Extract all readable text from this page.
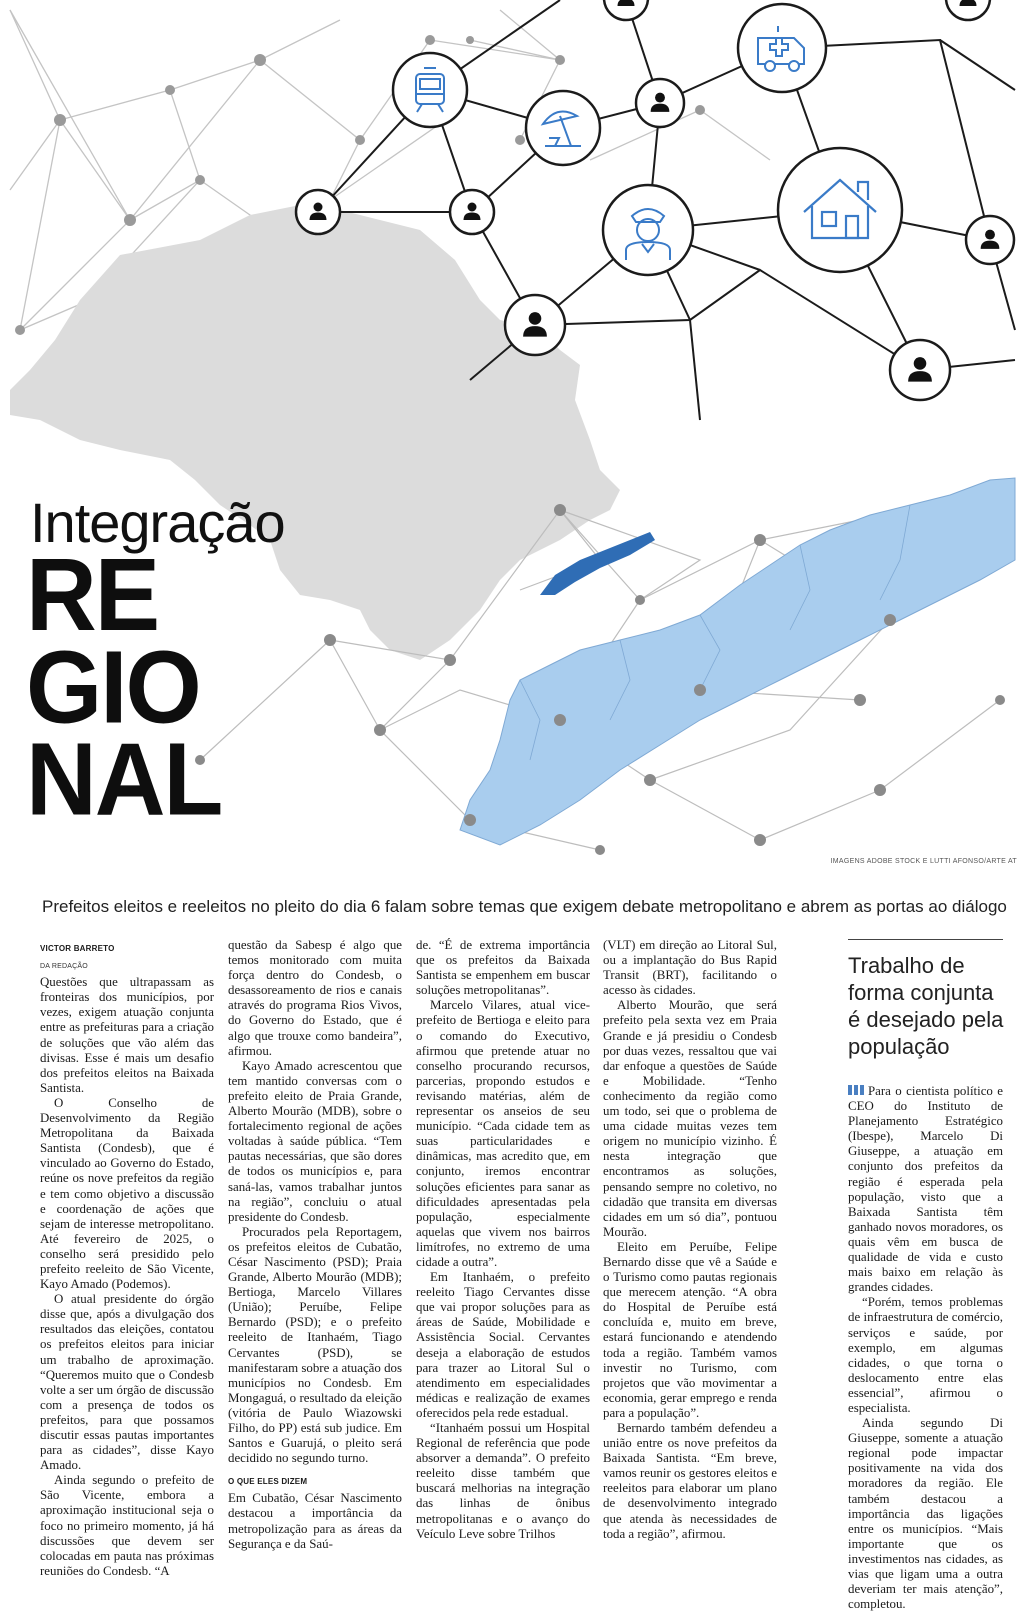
Integração
RE
GIO
NAL
IMAGENS ADOBE STOCK E LUTTI AFONSO/ARTE AT
Prefeitos eleitos e reeleitos no pleito do dia 6 falam sobre temas que exigem debate metropolitano e abrem as portas ao diálogo
VICTOR BARRETO
DA REDAÇÃO

Questões que ultrapassam as fronteiras dos municípios, por vezes, exigem atuação conjunta entre as prefeituras para a criação de soluções que vão além das divisas. Esse é mais um desafio dos prefeitos eleitos na Baixada Santista.

O Conselho de Desenvolvimento da Região Metropolitana da Baixada Santista (Condesb), que é vinculado ao Governo do Estado, reúne os nove prefeitos da região e tem como objetivo a discussão e coordenação de ações que sejam de interesse metropolitano. Até fevereiro de 2025, o conselho será presidido pelo prefeito reeleito de São Vicente, Kayo Amado (Podemos).

O atual presidente do órgão disse que, após a divulgação dos resultados das eleições, contatou os prefeitos eleitos para iniciar um trabalho de aproximação. “Queremos muito que o Condesb volte a ser um órgão de discussão com a presença de todos os prefeitos, para que possamos discutir essas pautas importantes para as cidades”, disse Kayo Amado.

Ainda segundo o prefeito de São Vicente, embora a aproximação institucional seja o foco no primeiro momento, já há discussões que devem ser colocadas em pauta nas próximas reuniões do Condesb. “A

questão da Sabesp é algo que temos monitorado com muita força dentro do Condesb, o desassoreamento de rios e canais através do programa Rios Vivos, do Governo do Estado, que é algo que trouxe como bandeira”, afirmou.

Kayo Amado acrescentou que tem mantido conversas com o prefeito eleito de Praia Grande, Alberto Mourão (MDB), sobre o fortalecimento regional de ações voltadas à saúde pública. “Tem pautas necessárias, que são dores de todos os municípios e, para saná-las, vamos trabalhar juntos na região”, concluiu o atual presidente do Condesb.

Procurados pela Reportagem, os prefeitos eleitos de Cubatão, César Nascimento (PSD); Praia Grande, Alberto Mourão (MDB); Bertioga, Marcelo Villares (União); Peruíbe, Felipe Bernardo (PSD); e o prefeito reeleito de Itanhaém, Tiago Cervantes (PSD), se manifestaram sobre a atuação dos municípios no Condesb. Em Mongaguá, o resultado da eleição (vitória de Paulo Wiazowski Filho, do PP) está sub judice. Em Santos e Guarujá, o pleito será decidido no segundo turno.

O QUE ELES DIZEM

Em Cubatão, César Nascimento destacou a importância da metropolização para as áreas da Segurança e da Saú-

de. “É de extrema importância que os prefeitos da Baixada Santista se empenhem em buscar soluções metropolitanas”.

Marcelo Vilares, atual vice-prefeito de Bertioga e eleito para o comando do Executivo, afirmou que pretende atuar no conselho procurando recursos, parcerias, propondo estudos e revisando matérias, além de representar os anseios de seu município. “Cada cidade tem as suas particularidades e dinâmicas, mas acredito que, em conjunto, iremos encontrar soluções eficientes para sanar as dificuldades apresentadas pela população, especialmente aquelas que vivem nos bairros limítrofes, no extremo de uma cidade a outra”.

Em Itanhaém, o prefeito reeleito Tiago Cervantes disse que vai propor soluções para as áreas de Saúde, Mobilidade e Assistência Social. Cervantes deseja a elaboração de estudos para trazer ao Litoral Sul o atendimento em especialidades médicas e realização de exames oferecidos pela rede estadual.

“Itanhaém possui um Hospital Regional de referência que pode absorver a demanda”. O prefeito reeleito disse também que buscará melhorias na integração das linhas de ônibus metropolitanas e o avanço do Veículo Leve sobre Trilhos

(VLT) em direção ao Litoral Sul, ou a implantação do Bus Rapid Transit (BRT), facilitando o acesso às cidades.

Alberto Mourão, que será prefeito pela sexta vez em Praia Grande e já presidiu o Condesb por duas vezes, ressaltou que vai dar enfoque a questões de Saúde e Mobilidade. “Tenho conhecimento da região como um todo, sei que o problema de uma cidade muitas vezes tem origem no município vizinho. É nesta integração que encontramos as soluções, pensando sempre no coletivo, no cidadão que transita em diversas cidades em um só dia”, pontuou Mourão.

Eleito em Peruíbe, Felipe Bernardo disse que vê a Saúde e o Turismo como pautas regionais que merecem atenção. “A obra do Hospital de Peruíbe está concluída e, muito em breve, estará funcionando e atendendo toda a região. Também vamos investir no Turismo, com projetos que vão movimentar a economia, gerar emprego e renda para a população”.

Bernardo também defendeu a união entre os nove prefeitos da Baixada Santista. “Em breve, vamos reunir os gestores eleitos e reeleitos para elaborar um plano de desenvolvimento integrado que atenda às necessidades de toda a região”, afirmou.

Trabalho de forma conjunta é desejado pela população

Para o cientista político e CEO do Instituto de Planejamento Estratégico (Ibespe), Marcelo Di Giuseppe, a atuação em conjunto dos prefeitos da região é esperada pela população, visto que a Baixada Santista têm ganhado novos moradores, os quais vêm em busca de qualidade de vida e custo mais baixo em relação às grandes cidades.

“Porém, temos problemas de infraestrutura de comércio, serviços e saúde, por exemplo, em algumas cidades, o que torna o deslocamento entre elas essencial”, afirmou o especialista.

Ainda segundo Di Giuseppe, somente a atuação regional pode impactar positivamente na vida dos moradores da região. Ele também destacou a importância das ligações entre os municípios. “Mais importante que os investimentos nas cidades, as vias que ligam uma a outra deveriam ter mais atenção”, completou.
